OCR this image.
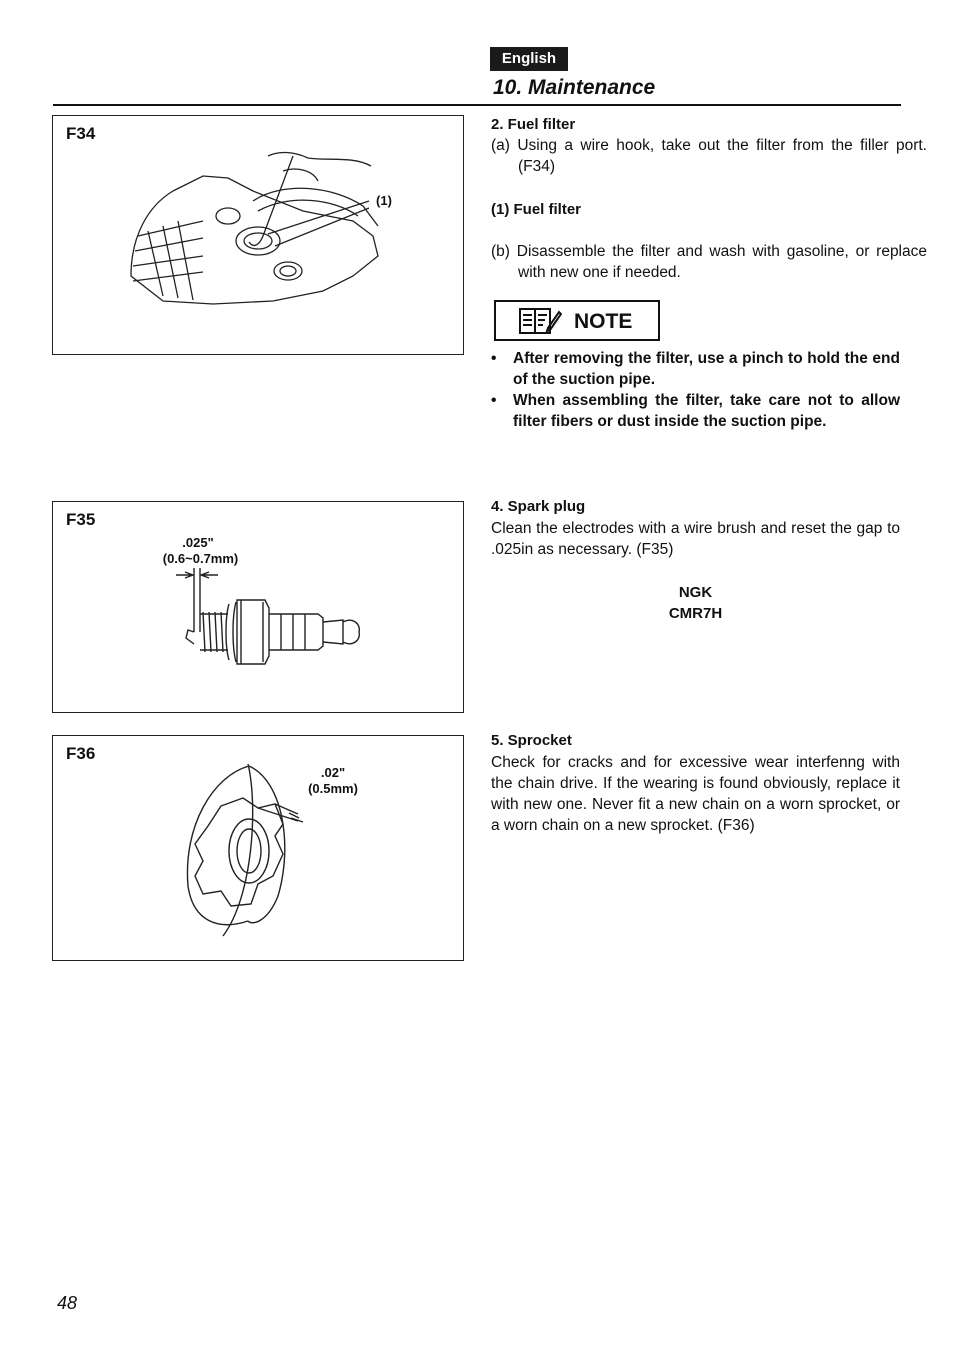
English
10. Maintenance
F34
(1)
F35
.025"
(0.6~0.7mm)
F36
.02"
(0.5mm)
2. Fuel filter
(a) Using a wire hook, take out the filter from the filler port. (F34)
(1) Fuel filter
(b) Disassemble the filter and wash with gasoline, or replace with new one if needed.
NOTE
• After removing the filter, use a pinch to hold the end of the suction pipe.
• When assembling the filter, take care not to allow filter fibers or dust inside the suction pipe.
4. Spark plug
Clean the electrodes with a wire brush and reset the gap to .025in as necessary. (F35)
NGK
CMR7H
5. Sprocket
Check for cracks and for excessive wear interfenng with the chain drive. If the wearing is found obviously, replace it with new one. Never fit a new chain on a worn sprocket, or a worn chain on a new sprocket. (F36)
48
